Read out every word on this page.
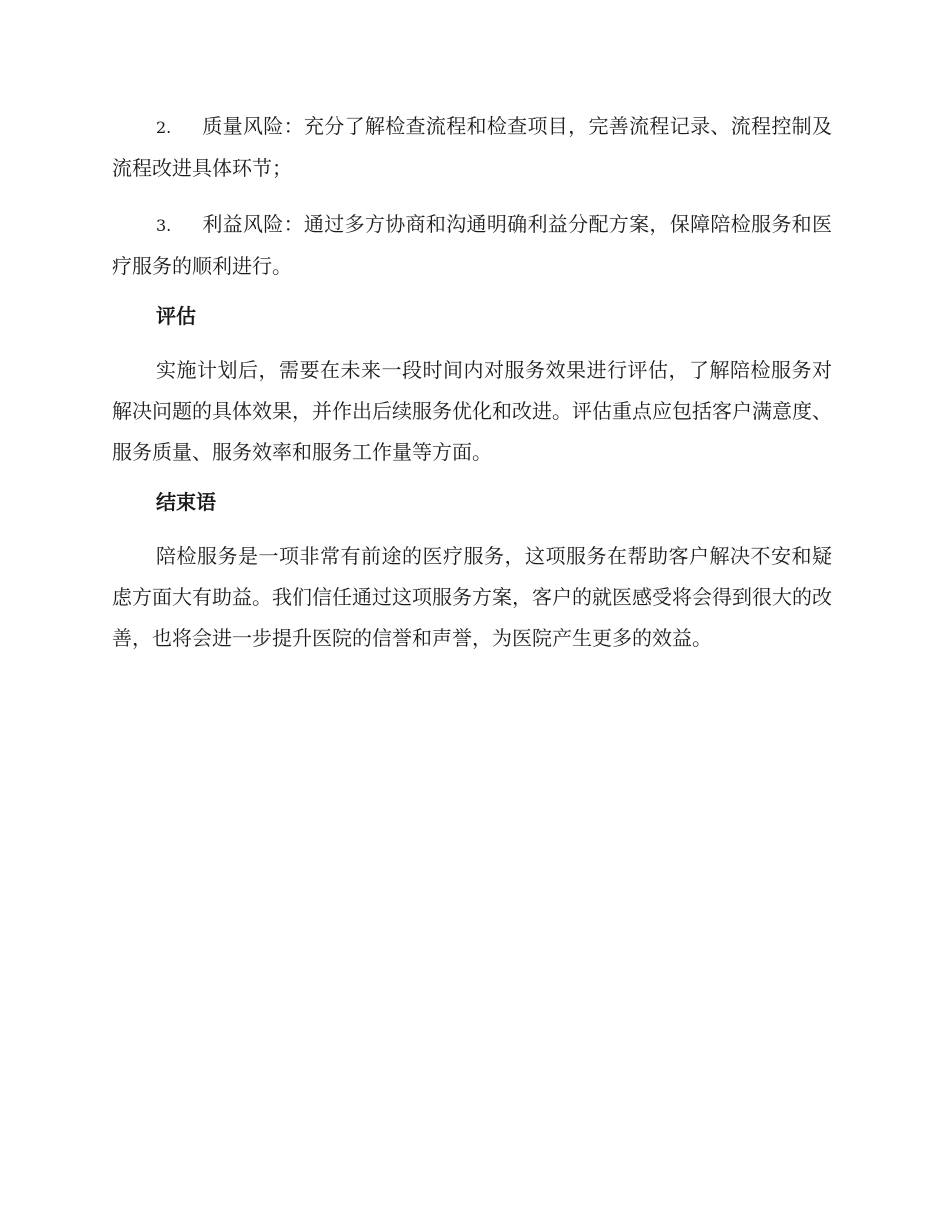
2. 质量风险：充分了解检查流程和检查项目，完善流程记录、流程控制及流程改进具体环节；

3. 利益风险：通过多方协商和沟通明确利益分配方案，保障陪检服务和医疗服务的顺利进行。

评估

实施计划后，需要在未来一段时间内对服务效果进行评估，了解陪检服务对解决问题的具体效果，并作出后续服务优化和改进。评估重点应包括客户满意度、服务质量、服务效率和服务工作量等方面。

结束语

陪检服务是一项非常有前途的医疗服务，这项服务在帮助客户解决不安和疑虑方面大有助益。我们信任通过这项服务方案，客户的就医感受将会得到很大的改善，也将会进一步提升医院的信誉和声誉，为医院产生更多的效益。
